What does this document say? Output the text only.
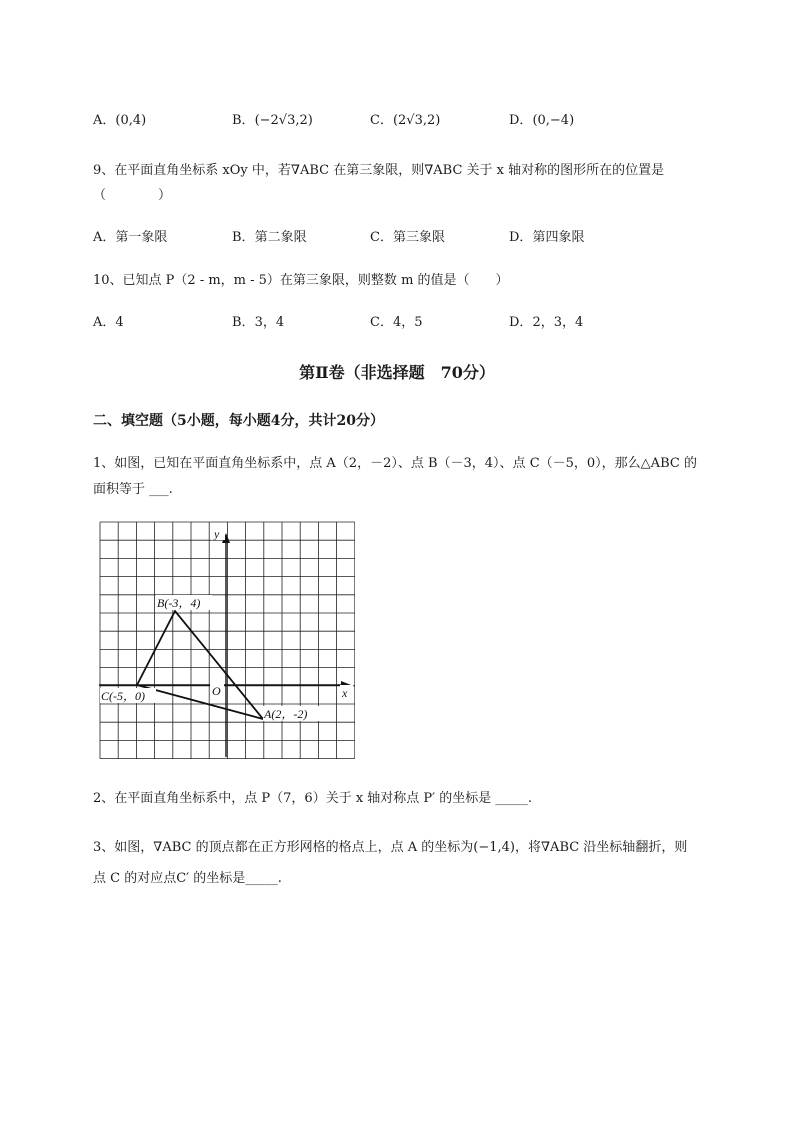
A．(0,4)	B．(−2√3,2)	C．(2√3,2)	D．(0,−4)
9、在平面直角坐标系 xOy 中，若∇ABC 在第三象限，则∇ABC 关于 x 轴对称的图形所在的位置是
（　　　　）
A．第一象限	B．第二象限	C．第三象限	D．第四象限
10、已知点 P（2 - m，m - 5）在第三象限，则整数 m 的值是（　　）
A．4	B．3，4	C．4，5	D．2，3，4
第Ⅱ卷（非选择题　70分）
二、填空题（5小题，每小题4分，共计20分）
1、如图，已知在平面直角坐标系中，点 A（2，－2）、点 B（－3，4）、点 C（－5，0），那么△ABC 的
面积等于 ___.
y
x
O
B(-3，4)
C(-5，0)
A(2，-2)
2、在平面直角坐标系中，点 P（7，6）关于 x 轴对称点 P′ 的坐标是 _____.
3、如图，∇ABC 的顶点都在正方形网格的格点上，点 A 的坐标为(−1,4)，将∇ABC 沿坐标轴翻折，则
点 C 的对应点C′ 的坐标是_____.
